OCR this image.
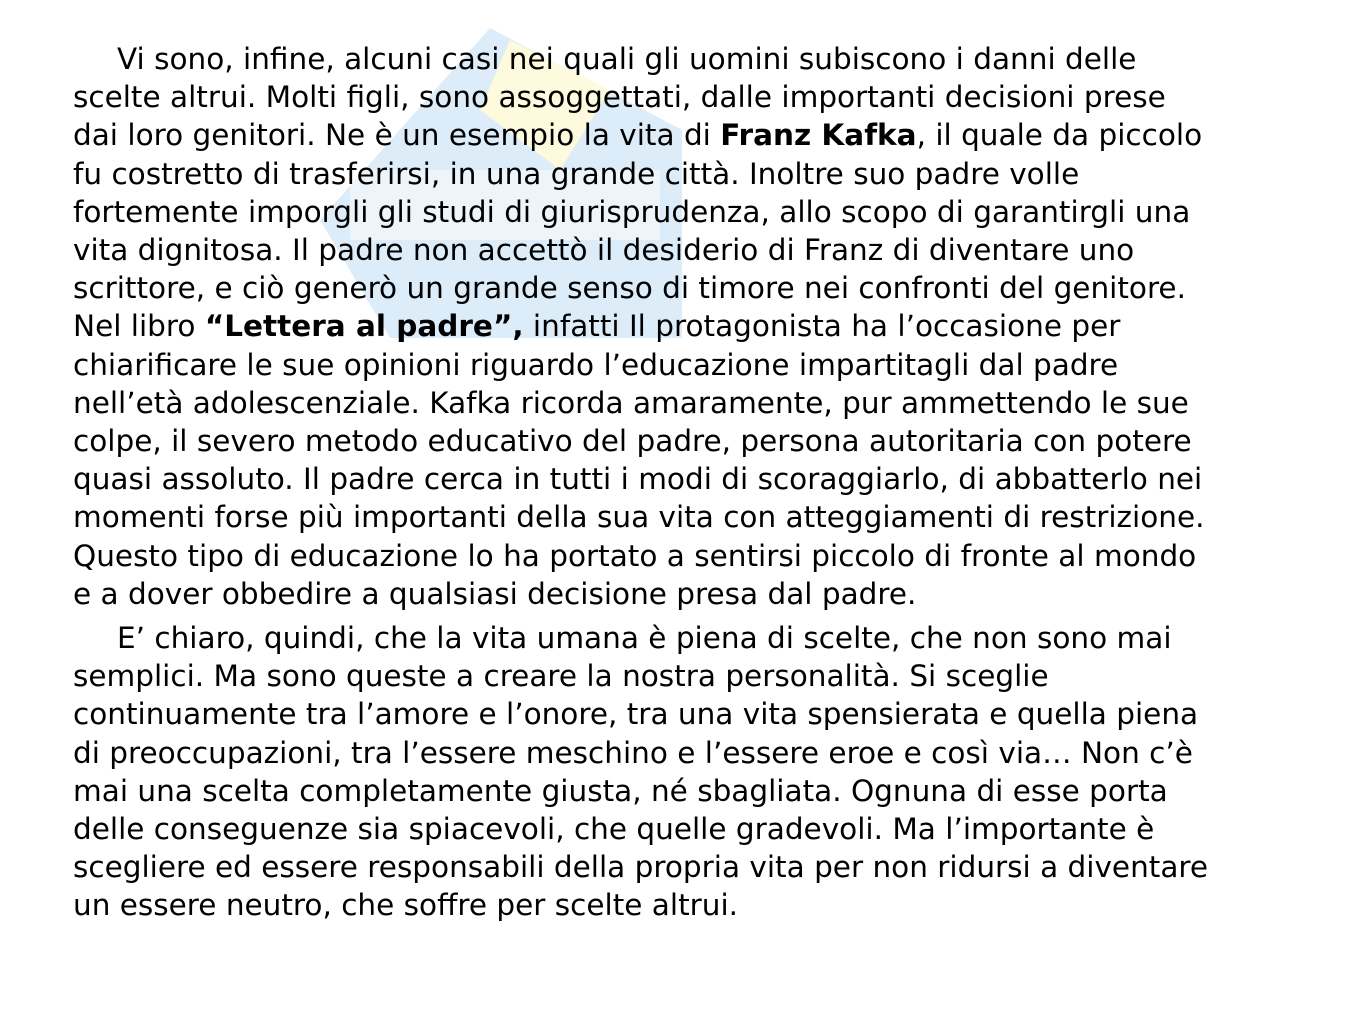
Vi sono, infine, alcuni casi nei quali gli uomini subiscono i danni delle
scelte altrui. Molti figli, sono assoggettati, dalle importanti decisioni prese
dai loro genitori. Ne è un esempio la vita di Franz Kafka, il quale da piccolo
fu costretto di trasferirsi, in una grande città. Inoltre suo padre volle
fortemente imporgli gli studi di giurisprudenza, allo scopo di garantirgli una
vita dignitosa. Il padre non accettò il desiderio di Franz di diventare uno
scrittore, e ciò generò un grande senso di timore nei confronti del genitore.
Nel libro “Lettera al padre”, infatti Il protagonista ha l’occasione per
chiarificare le sue opinioni riguardo l’educazione impartitagli dal padre
nell’età adolescenziale. Kafka ricorda amaramente, pur ammettendo le sue
colpe, il severo metodo educativo del padre, persona autoritaria con potere
quasi assoluto. Il padre cerca in tutti i modi di scoraggiarlo, di abbatterlo nei
momenti forse più importanti della sua vita con atteggiamenti di restrizione.
Questo tipo di educazione lo ha portato a sentirsi piccolo di fronte al mondo
e a dover obbedire a qualsiasi decisione presa dal padre.
E’ chiaro, quindi, che la vita umana è piena di scelte, che non sono mai
semplici. Ma sono queste a creare la nostra personalità. Si sceglie
continuamente tra l’amore e l’onore, tra una vita spensierata e quella piena
di preoccupazioni, tra l’essere meschino e l’essere eroe e così via… Non c’è
mai una scelta completamente giusta, né sbagliata. Ognuna di esse porta
delle conseguenze sia spiacevoli, che quelle gradevoli. Ma l’importante è
scegliere ed essere responsabili della propria vita per non ridursi a diventare
un essere neutro, che soffre per scelte altrui.
